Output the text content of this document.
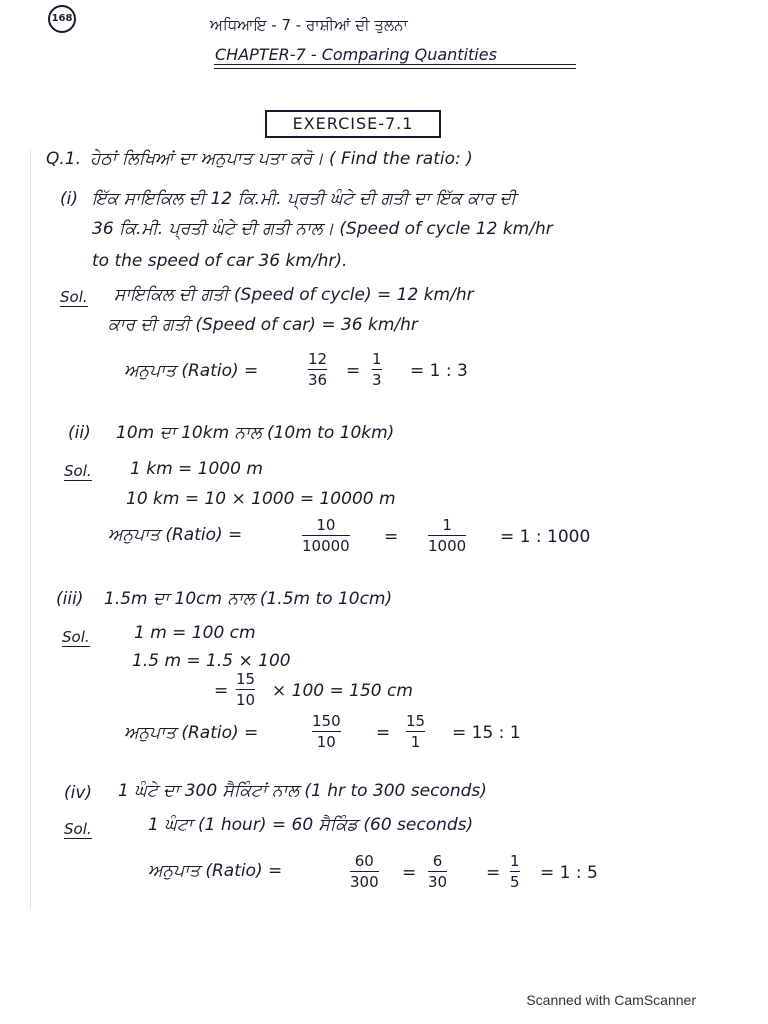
168	ਅਧਿਆਇ - 7 - ਰਾਸ਼ੀਆਂ ਦੀ ਤੁਲਨਾ
CHAPTER-7 - Comparing Quantities
EXERCISE-7.1
Q.1. ਹੇਠਾਂ ਲਿਖਿਆਂ ਦਾ ਅਨੁਪਾਤ ਪਤਾ ਕਰੋ। ( Find the ratio: )
(i) ਇੱਕ ਸਾਇਕਿਲ ਦੀ 12 ਕਿ.ਮੀ. ਪ੍ਰਤੀ ਘੰਟੇ ਦੀ ਗਤੀ ਦਾ ਇੱਕ ਕਾਰ ਦੀ
36 ਕਿ.ਮੀ. ਪ੍ਰਤੀ ਘੰਟੇ ਦੀ ਗਤੀ ਨਾਲ। (Speed of cycle 12 km/hr
to the speed of car 36 km/hr).
Sol. ਸਾਇਕਿਲ ਦੀ ਗਤੀ (Speed of cycle) = 12 km/hr
ਕਾਰ ਦੀ ਗਤੀ (Speed of car) = 36 km/hr
ਅਨੁਪਾਤ (Ratio) =
12
36 =
1
3 = 1 : 3
(ii) 10m ਦਾ 10km ਨਾਲ (10m to 10km)
Sol. 1 km = 1000 m
10 km = 10 × 1000 = 10000 m
ਅਨੁਪਾਤ (Ratio) =	10
10000 =
1
1000 = 1 : 1000
(iii) 1.5m ਦਾ 10cm ਨਾਲ (1.5m to 10cm)
Sol.	1 m = 100 cm
1.5 m = 1.5 × 100
=
15
10 × 100 = 150 cm
ਅਨੁਪਾਤ (Ratio) =
150
10 =
15
1 = 15 : 1
(iv) 1 ਘੰਟੇ ਦਾ 300 ਸੈਕਿੰਟਾਂ ਨਾਲ (1 hr to 300 seconds)
Sol.	1 ਘੰਟਾ (1 hour) = 60 ਸੈਕਿੰਡ (60 seconds)
ਅਨੁਪਾਤ (Ratio) =	60
300 =
6
30 =
1
5 = 1 : 5
Scanned with CamScanner
